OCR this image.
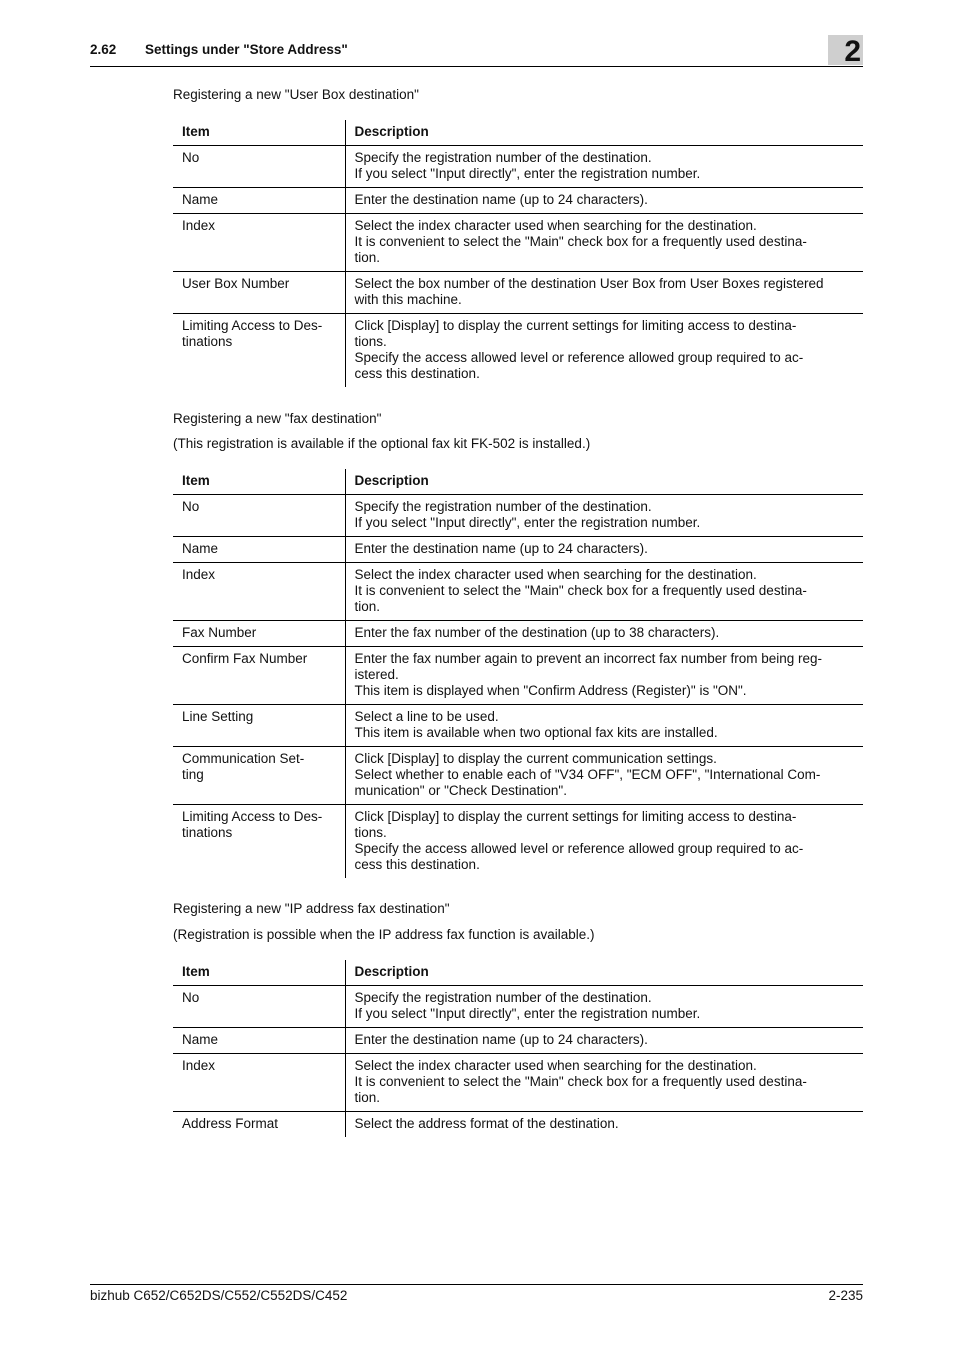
2.62 Settings under "Store Address"	2
Registering a new "User Box destination"
Item	Description

No	Specify the registration number of the destination.
If you select "Input directly", enter the registration number.

Name	Enter the destination name (up to 24 characters).

Index	Select the index character used when searching for the destination.
It is convenient to select the "Main" check box for a frequently used destina-
tion.

User Box Number	Select the box number of the destination User Box from User Boxes registered
with this machine.

Limiting Access to Des-
tinations	Click [Display] to display the current settings for limiting access to destina-
tions.
Specify the access allowed level or reference allowed group required to ac-
cess this destination.
Registering a new "fax destination"
(This registration is available if the optional fax kit FK-502 is installed.)
Item	Description

No	Specify the registration number of the destination.
If you select "Input directly", enter the registration number.

Name	Enter the destination name (up to 24 characters).

Index	Select the index character used when searching for the destination.
It is convenient to select the "Main" check box for a frequently used destina-
tion.

Fax Number	Enter the fax number of the destination (up to 38 characters).

Confirm Fax Number	Enter the fax number again to prevent an incorrect fax number from being reg-
istered.
This item is displayed when "Confirm Address (Register)" is "ON".

Line Setting	Select a line to be used.
This item is available when two optional fax kits are installed.

Communication Set-
ting	Click [Display] to display the current communication settings.
Select whether to enable each of "V34 OFF", "ECM OFF", "International Com-
munication" or "Check Destination".

Limiting Access to Des-
tinations	Click [Display] to display the current settings for limiting access to destina-
tions.
Specify the access allowed level or reference allowed group required to ac-
cess this destination.
Registering a new "IP address fax destination"
(Registration is possible when the IP address fax function is available.)
Item	Description

No	Specify the registration number of the destination.
If you select "Input directly", enter the registration number.

Name	Enter the destination name (up to 24 characters).

Index	Select the index character used when searching for the destination.
It is convenient to select the "Main" check box for a frequently used destina-
tion.

Address Format	Select the address format of the destination.
bizhub C652/C652DS/C552/C552DS/C452	2-235
